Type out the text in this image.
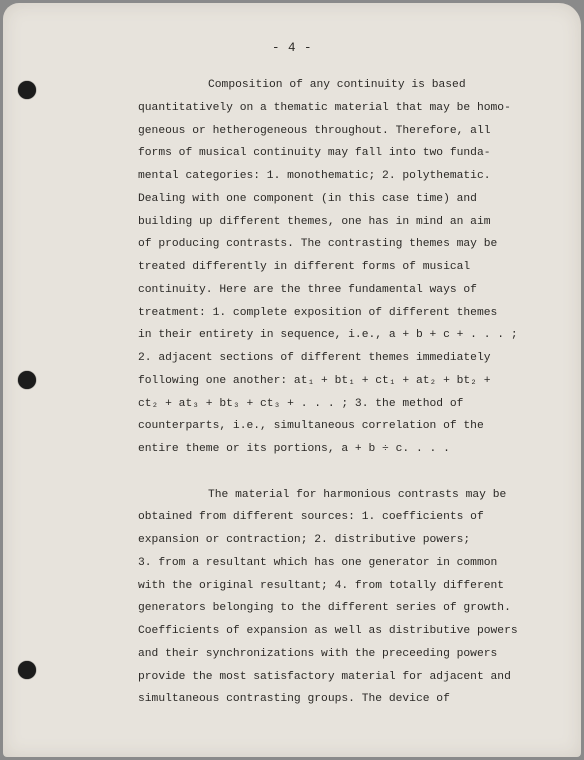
- 4 -
Composition of any continuity is based
quantitatively on a thematic material that may be homo-
geneous or hetherogeneous throughout. Therefore, all
forms of musical continuity may fall into two funda-
mental categories: 1. monothematic; 2. polythematic.
Dealing with one component (in this case time) and
building up different themes, one has in mind an aim
of producing contrasts. The contrasting themes may be
treated differently in different forms of musical
continuity. Here are the three fundamental ways of
treatment: 1. complete exposition of different themes
in their entirety in sequence, i.e., a + b + c + . . . ;
2. adjacent sections of different themes immediately
following one another: at₁ + bt₁ + ct₁ + at₂ + bt₂ +
ct₂ + at₃ + bt₃ + ct₃ + . . . ; 3. the method of
counterparts, i.e., simultaneous correlation of the
entire theme or its portions, a + b ÷ c. . . .
The material for harmonious contrasts may be
obtained from different sources: 1. coefficients of
expansion or contraction; 2. distributive powers;
3. from a resultant which has one generator in common
with the original resultant; 4. from totally different
generators belonging to the different series of growth.
Coefficients of expansion as well as distributive powers
and their synchronizations with the preceeding powers
provide the most satisfactory material for adjacent and
simultaneous contrasting groups. The device of
